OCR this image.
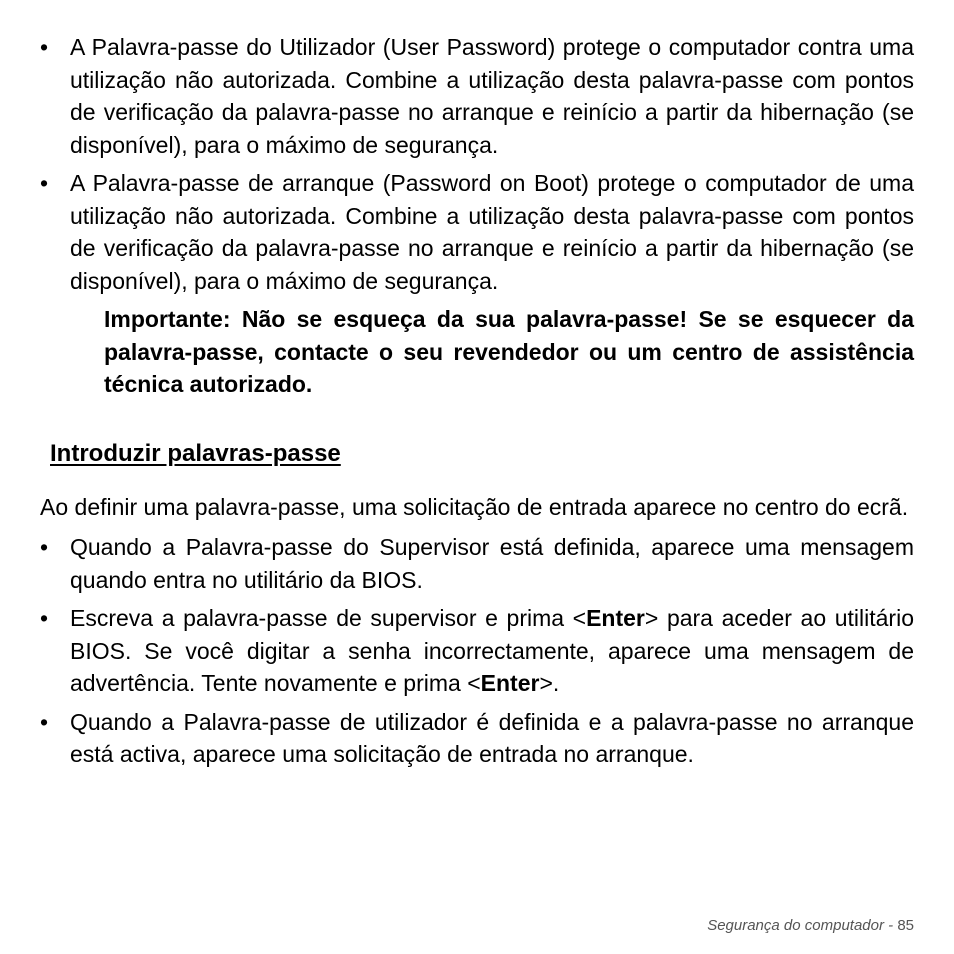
• A Palavra-passe do Utilizador (User Password) protege o computador contra uma utilização não autorizada. Combine a utilização desta palavra-passe com pontos de verificação da palavra-passe no arranque e reinício a partir da hibernação (se disponível), para o máximo de segurança.
• A Palavra-passe de arranque (Password on Boot) protege o computador de uma utilização não autorizada. Combine a utilização desta palavra-passe com pontos de verificação da palavra-passe no arranque e reinício a partir da hibernação (se disponível), para o máximo de segurança.
Importante: Não se esqueça da sua palavra-passe! Se se esquecer da palavra-passe, contacte o seu revendedor ou um centro de assistência técnica autorizado.
Introduzir palavras-passe

Ao definir uma palavra-passe, uma solicitação de entrada aparece no centro do ecrã.

• Quando a Palavra-passe do Supervisor está definida, aparece uma mensagem quando entra no utilitário da BIOS.
• Escreva a palavra-passe de supervisor e prima <Enter> para aceder ao utilitário BIOS. Se você digitar a senha incorrectamente, aparece uma mensagem de advertência. Tente novamente e prima <Enter>.
• Quando a Palavra-passe de utilizador é definida e a palavra-passe no arranque está activa, aparece uma solicitação de entrada no arranque.
Segurança do computador - 85
